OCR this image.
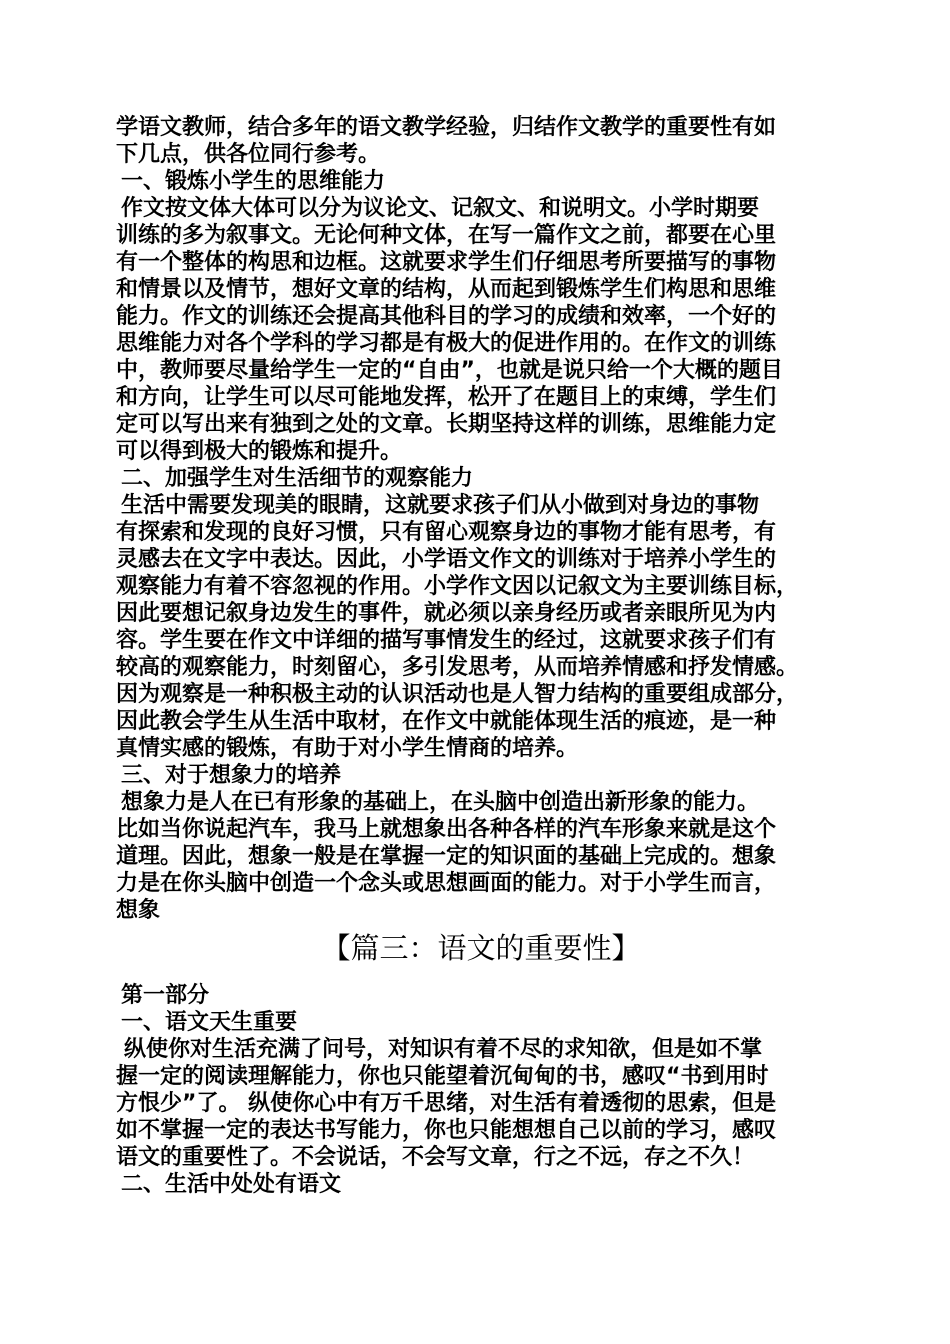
学语文教师，结合多年的语文教学经验，归结作文教学的重要性有如
下几点，供各位同行参考。
一、锻炼小学生的思维能力
作文按文体大体可以分为议论文、记叙文、和说明文。小学时期要
训练的多为叙事文。无论何种文体，在写一篇作文之前，都要在心里
有一个整体的构思和边框。这就要求学生们仔细思考所要描写的事物
和情景以及情节，想好文章的结构，从而起到锻炼学生们构思和思维
能力。作文的训练还会提高其他科目的学习的成绩和效率，一个好的
思维能力对各个学科的学习都是有极大的促进作用的。在作文的训练
中，教师要尽量给学生一定的“自由”，也就是说只给一个大概的题目
和方向，让学生可以尽可能地发挥，松开了在题目上的束缚，学生们
定可以写出来有独到之处的文章。长期坚持这样的训练，思维能力定
可以得到极大的锻炼和提升。
二、加强学生对生活细节的观察能力
生活中需要发现美的眼睛，这就要求孩子们从小做到对身边的事物
有探索和发现的良好习惯，只有留心观察身边的事物才能有思考，有
灵感去在文字中表达。因此，小学语文作文的训练对于培养小学生的
观察能力有着不容忽视的作用。小学作文因以记叙文为主要训练目标，
因此要想记叙身边发生的事件，就必须以亲身经历或者亲眼所见为内
容。学生要在作文中详细的描写事情发生的经过，这就要求孩子们有
较高的观察能力，时刻留心，多引发思考，从而培养情感和抒发情感。
因为观察是一种积极主动的认识活动也是人智力结构的重要组成部分，
因此教会学生从生活中取材，在作文中就能体现生活的痕迹，是一种
真情实感的锻炼，有助于对小学生情商的培养。
三、对于想象力的培养
想象力是人在已有形象的基础上，在头脑中创造出新形象的能力。
比如当你说起汽车，我马上就想象出各种各样的汽车形象来就是这个
道理。因此，想象一般是在掌握一定的知识面的基础上完成的。想象
力是在你头脑中创造一个念头或思想画面的能力。对于小学生而言，
想象
【篇三：语文的重要性】
第一部分
一、语文天生重要
纵使你对生活充满了问号，对知识有着不尽的求知欲，但是如不掌
握一定的阅读理解能力，你也只能望着沉甸甸的书，感叹“书到用时
方恨少”了。 纵使你心中有万千思绪，对生活有着透彻的思索，但是
如不掌握一定的表达书写能力，你也只能想想自己以前的学习，感叹
语文的重要性了。不会说话，不会写文章，行之不远，存之不久！
二、生活中处处有语文
